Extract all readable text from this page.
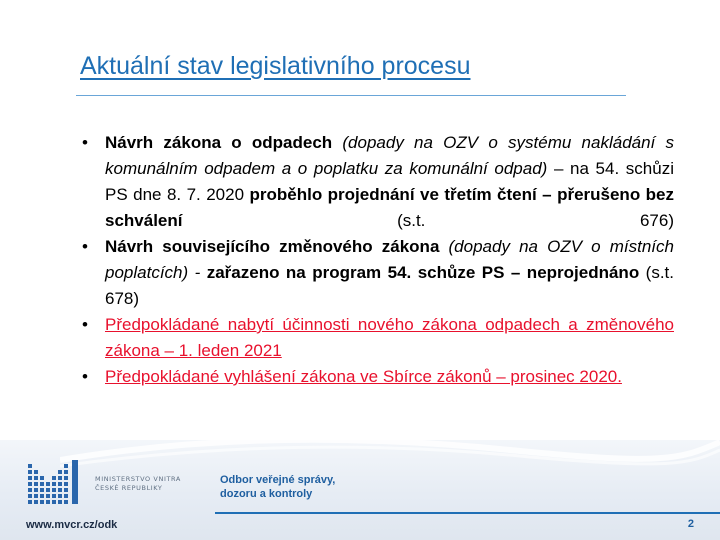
Aktuální stav legislativního procesu
• Návrh zákona o odpadech (dopady na OZV o systému nakládání s komunálním odpadem a o poplatku za komunální odpad) – na 54. schůzi PS dne 8. 7. 2020 proběhlo projednání ve třetím čtení – přerušeno bez schválení (s.t. 676)
• Návrh souvisejícího změnového zákona (dopady na OZV o místních poplatcích) - zařazeno na program 54. schůze PS – neprojednáno (s.t. 678)
• Předpokládané nabytí účinnosti nového zákona odpadech a změnového zákona – 1. leden 2021
• Předpokládané vyhlášení zákona ve Sbírce zákonů – prosinec 2020.
MINISTERSTVO VNITRA
ČESKÉ REPUBLIKY
Odbor veřejné správy,
dozoru a kontroly
www.mvcr.cz/odk	2
